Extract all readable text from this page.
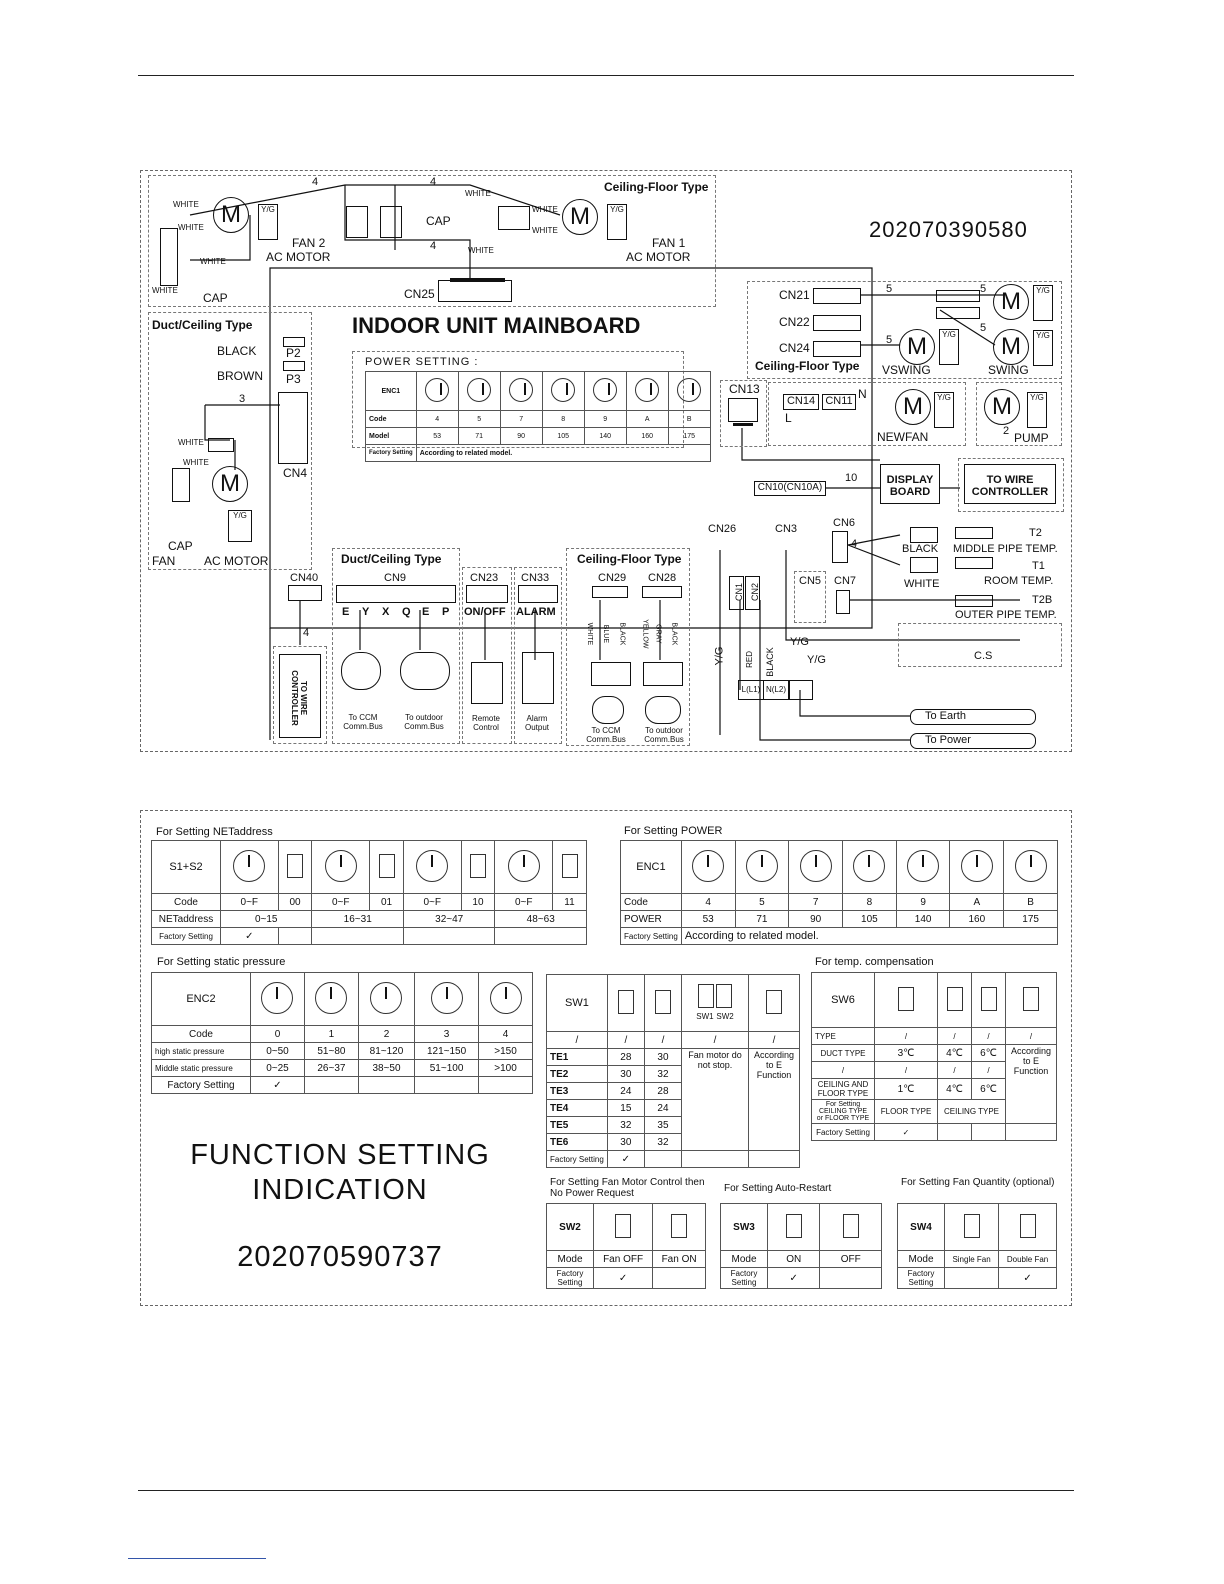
Ceiling-Floor Type
4	4
4
M
WHITE
WHITE
WHITE
WHITE
Y/G
CAP
FAN 2
AC MOTOR
CAP
WHITE
WHITE
WHITE
WHITE
M	Y/G
FAN 1
AC MOTOR
202070390580
CN25
INDOOR UNIT MAINBOARD
Duct/Ceiling Type
BLACK
BROWN
P2
P3
3
CN4
WHITE
WHITE
M
Y/G
CAP
FAN AC MOTOR
POWER SETTING :
ENC1							
Code	4	5	7	8	9	A	B
Model	53	71	90	105	140	160	175
Factory Setting	According to related model.						
CN21
CN22
CN24
Ceiling-Floor Type
5	5
5
5
M	Y/G
M	Y/G	M	Y/G
VSWING	SWING
CN13
CN14 CN11 N
L	M	Y/G
NEWFAN
M	Y/G
2 PUMP
CN10(CN10A)
10	DISPLAY BOARD
TO WIRE CONTROLLER
CN26	CN3	CN6
4
T2
BLACK MIDDLE PIPE TEMP.
T1
WHITE	ROOM TEMP.
CN5 CN7
T2B
OUTER PIPE TEMP.
CN1 CN2
Y/G
Y/G	C.S
RED BLACK
L(L1) N(L2)
Y/G
To Earth
To Power
CN40
4
TO WIRE CONTROLLER
Duct/Ceiling Type
CN9
E Y X Q E P
To CCM Comm.Bus
To outdoor Comm.Bus
CN23
ON/OFF
Remote Control
CN33
ALARM
Alarm Output
Ceiling-Floor Type
CN29 CN28
WHITE BLUE BLACK YELLOW GRAY BLACK
To CCM Comm.Bus
To outdoor Comm.Bus
For Setting NETaddress
S1+S2								
Code	0~F	00	0~F	01	0~F	10	0~F	11
NETaddress	0~15		16~31		32~47		48~63	
Factory Setting	✓							
For Setting POWER
ENC1							
Code	4	5	7	8	9	A	B
POWER	53	71	90	105	140	160	175
Factory Setting	According to related model.						
For Setting static pressure
ENC2					
Code	0	1	2	3	4
high static pressure	0~50	51~80	81~120	121~150	>150
Middle static pressure	0~25	26~37	38~50	51~100	>100
Factory Setting	✓				
FUNCTION SETTING
INDICATION
202070590737
SW1			SW1 SW2	
/	/	/	/	/
TE1	28	30	Fan motor do not stop.	According to E Function
TE2	30	32		
TE3	24	28		
TE4	15	24		
TE5	32	35		
TE6	30	32		
Factory Setting	✓			
For temp. compensation
SW6				
TYPE	/	/	/	/
DUCT TYPE	3℃	4℃	6℃	According to E Function
/	/	/	/	
CEILING AND FLOOR TYPE	1℃	4℃	6℃	
For Setting CEILING TYPE or FLOOR TYPE	FLOOR TYPE	CEILING TYPE		
Factory Setting	✓			
For Setting Fan Motor Control then No Power Request
SW2		
Mode	Fan OFF	Fan ON
Factory Setting	✓	
For Setting Auto-Restart
SW3		
Mode	ON	OFF
Factory Setting	✓	
For Setting Fan Quantity (optional)
SW4		
Mode	Single Fan	Double Fan
Factory Setting		✓
